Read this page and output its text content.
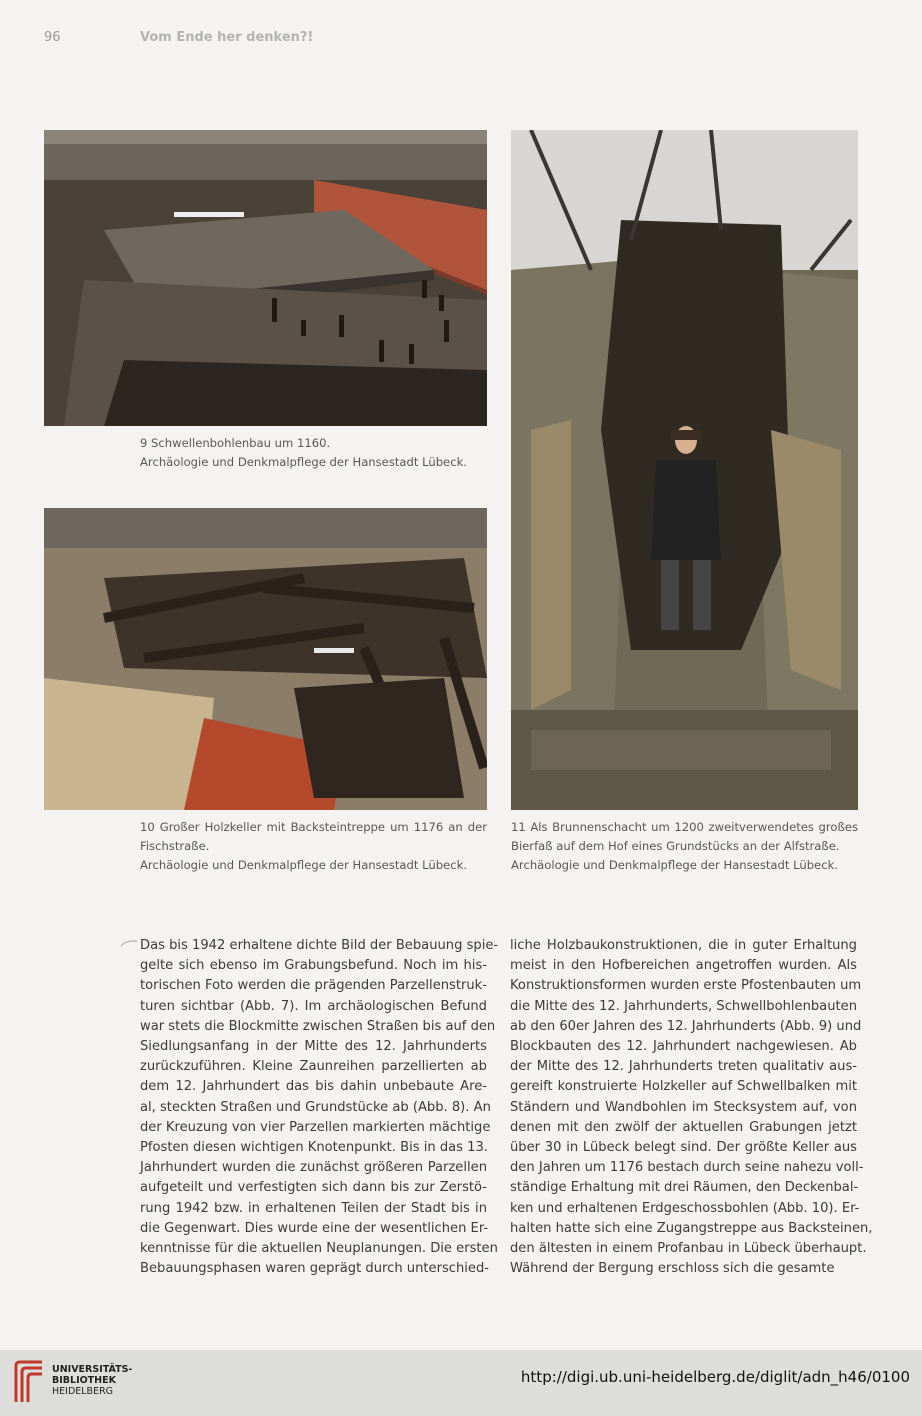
96	Vom Ende her denken?!
9 Schwellenbohlenbau um 1160.
Archäologie und Denkmalpflege der Hansestadt Lübeck.
10 Großer Holzkeller mit Backsteintreppe um 1176 an der
Fischstraße.
Archäologie und Denkmalpflege der Hansestadt Lübeck.
11 Als Brunnenschacht um 1200 zweitverwendetes großes
Bierfaß auf dem Hof eines Grundstücks an der Alfstraße.
Archäologie und Denkmalpflege der Hansestadt Lübeck.
Das bis 1942 erhaltene dichte Bild der Bebauung spie-
gelte sich ebenso im Grabungsbefund. Noch im his-
torischen Foto werden die prägenden Parzellenstruk-
turen sichtbar (Abb. 7). Im archäologischen Befund
war stets die Blockmitte zwischen Straßen bis auf den
Siedlungsanfang in der Mitte des 12. Jahrhunderts
zurückzuführen. Kleine Zaunreihen parzellierten ab
dem 12. Jahrhundert das bis dahin unbebaute Are-
al, steckten Straßen und Grundstücke ab (Abb. 8). An
der Kreuzung von vier Parzellen markierten mächtige
Pfosten diesen wichtigen Knotenpunkt. Bis in das 13.
Jahrhundert wurden die zunächst größeren Parzellen
aufgeteilt und verfestigten sich dann bis zur Zerstö-
rung 1942 bzw. in erhaltenen Teilen der Stadt bis in
die Gegenwart. Dies wurde eine der wesentlichen Er-
kenntnisse für die aktuellen Neuplanungen. Die ersten
Bebauungsphasen waren geprägt durch unterschied-
liche Holzbaukonstruktionen, die in guter Erhaltung
meist in den Hofbereichen angetroffen wurden. Als
Konstruktionsformen wurden erste Pfostenbauten um
die Mitte des 12. Jahrhunderts, Schwellbohlenbauten
ab den 60er Jahren des 12. Jahrhunderts (Abb. 9) und
Blockbauten des 12. Jahrhundert nachgewiesen. Ab
der Mitte des 12. Jahrhunderts treten qualitativ aus-
gereift konstruierte Holzkeller auf Schwellbalken mit
Ständern und Wandbohlen im Stecksystem auf, von
denen mit den zwölf der aktuellen Grabungen jetzt
über 30 in Lübeck belegt sind. Der größte Keller aus
den Jahren um 1176 bestach durch seine nahezu voll-
ständige Erhaltung mit drei Räumen, den Deckenbal-
ken und erhaltenen Erdgeschossbohlen (Abb. 10). Er-
halten hatte sich eine Zugangstreppe aus Backsteinen,
den ältesten in einem Profanbau in Lübeck überhaupt.
Während der Bergung erschloss sich die gesamte
UNIVERSITÄTS-
BIBLIOTHEK
HEIDELBERG
http://digi.ub.uni-heidelberg.de/diglit/adn_h46/0100
